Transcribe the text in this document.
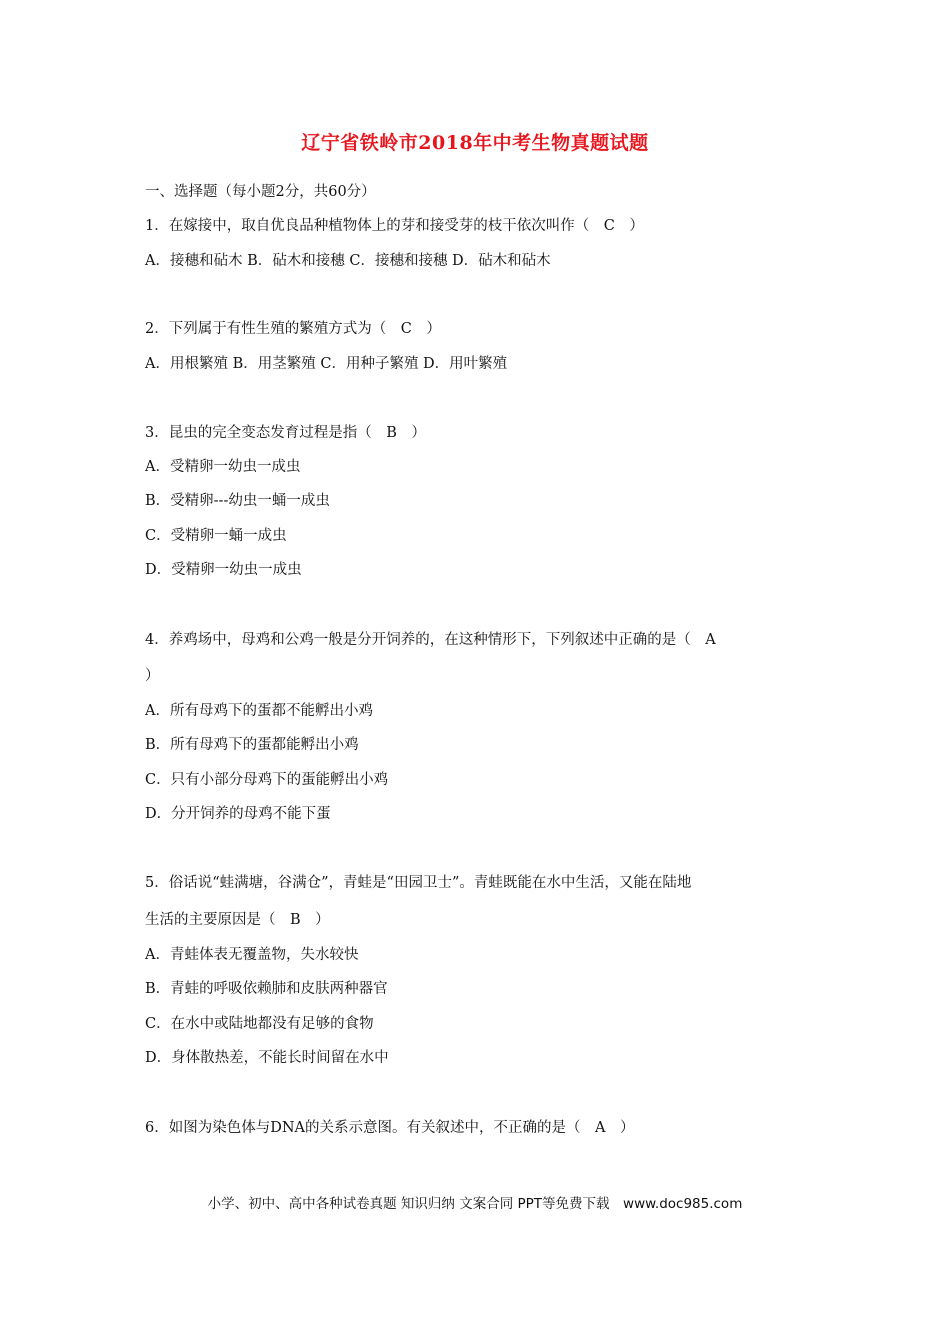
辽宁省铁岭市2018年中考生物真题试题
一、选择题（每小题2分，共60分）
1．在嫁接中，取自优良品种植物体上的芽和接受芽的枝干依次叫作（　C　）
A．接穗和砧木 B．砧木和接穗 C．接穗和接穗 D．砧木和砧木
2．下列属于有性生殖的繁殖方式为（　C　）
A．用根繁殖 B．用茎繁殖 C．用种子繁殖 D．用叶繁殖
3．昆虫的完全变态发育过程是指（　B　）
A．受精卵一幼虫一成虫
B．受精卵---幼虫一蛹一成虫
C．受精卵一蛹一成虫
D．受精卵一幼虫一成虫
4．养鸡场中，母鸡和公鸡一般是分开饲养的，在这种情形下，下列叙述中正确的是（　A
）
A．所有母鸡下的蛋都不能孵出小鸡
B．所有母鸡下的蛋都能孵出小鸡
C．只有小部分母鸡下的蛋能孵出小鸡
D．分开饲养的母鸡不能下蛋
5．俗话说“蛙满塘，谷满仓”，青蛙是“田园卫士”。青蛙既能在水中生活，又能在陆地
生活的主要原因是（　B　）
A．青蛙体表无覆盖物，失水较快
B．青蛙的呼吸依赖肺和皮肤两种器官
C．在水中或陆地都没有足够的食物
D．身体散热差，不能长时间留在水中
6．如图为染色体与DNA的关系示意图。有关叙述中，不正确的是（　A　）
小学、初中、高中各种试卷真题 知识归纳 文案合同 PPT等免费下载　www.doc985.com
